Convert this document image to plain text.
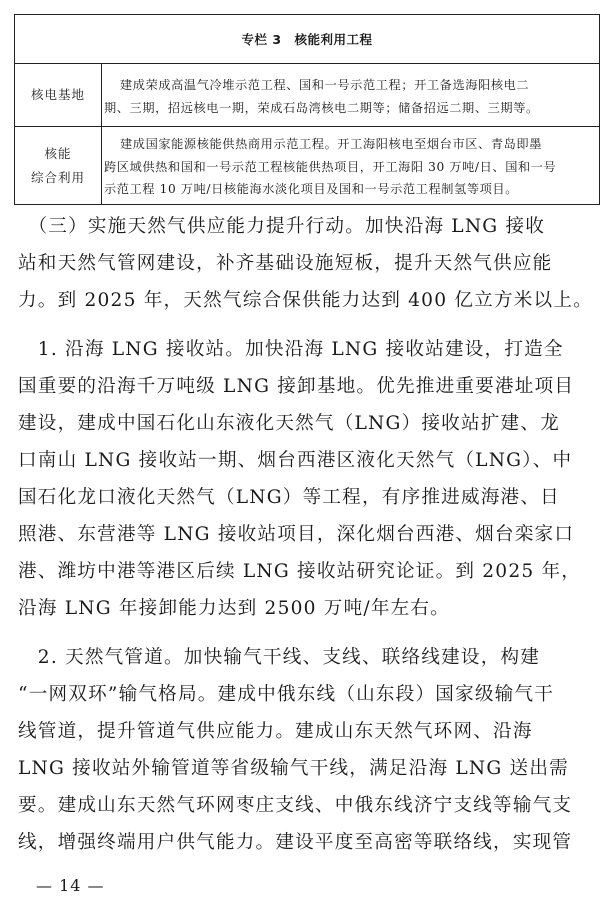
专栏 3　核能利用工程
核电基地
建成荣成高温气冷堆示范工程、国和一号示范工程；开工备选海阳核电二
期、三期，招远核电一期，荣成石岛湾核电二期等；储备招远二期、三期等。
核能
综合利用
建成国家能源核能供热商用示范工程。开工海阳核电至烟台市区、青岛即墨
跨区域供热和国和一号示范工程核能供热项目，开工海阳 30 万吨/日、国和一号
示范工程 10 万吨/日核能海水淡化项目及国和一号示范工程制氢等项目。
　（三）实施天然气供应能力提升行动。加快沿海 LNG 接收
站和天然气管网建设，补齐基础设施短板，提升天然气供应能
力。到 2025 年，天然气综合保供能力达到 400 亿立方米以上。
　1. 沿海 LNG 接收站。加快沿海 LNG 接收站建设，打造全
国重要的沿海千万吨级 LNG 接卸基地。优先推进重要港址项目
建设，建成中国石化山东液化天然气（LNG）接收站扩建、龙
口南山 LNG 接收站一期、烟台西港区液化天然气（LNG）、中
国石化龙口液化天然气（LNG）等工程，有序推进威海港、日
照港、东营港等 LNG 接收站项目，深化烟台西港、烟台栾家口
港、潍坊中港等港区后续 LNG 接收站研究论证。到 2025 年，
沿海 LNG 年接卸能力达到 2500 万吨/年左右。
　2. 天然气管道。加快输气干线、支线、联络线建设，构建
“一网双环”输气格局。建成中俄东线（山东段）国家级输气干
线管道，提升管道气供应能力。建成山东天然气环网、沿海
LNG 接收站外输管道等省级输气干线，满足沿海 LNG 送出需
要。建成山东天然气环网枣庄支线、中俄东线济宁支线等输气支
线，增强终端用户供气能力。建设平度至高密等联络线，实现管
— 14 —
